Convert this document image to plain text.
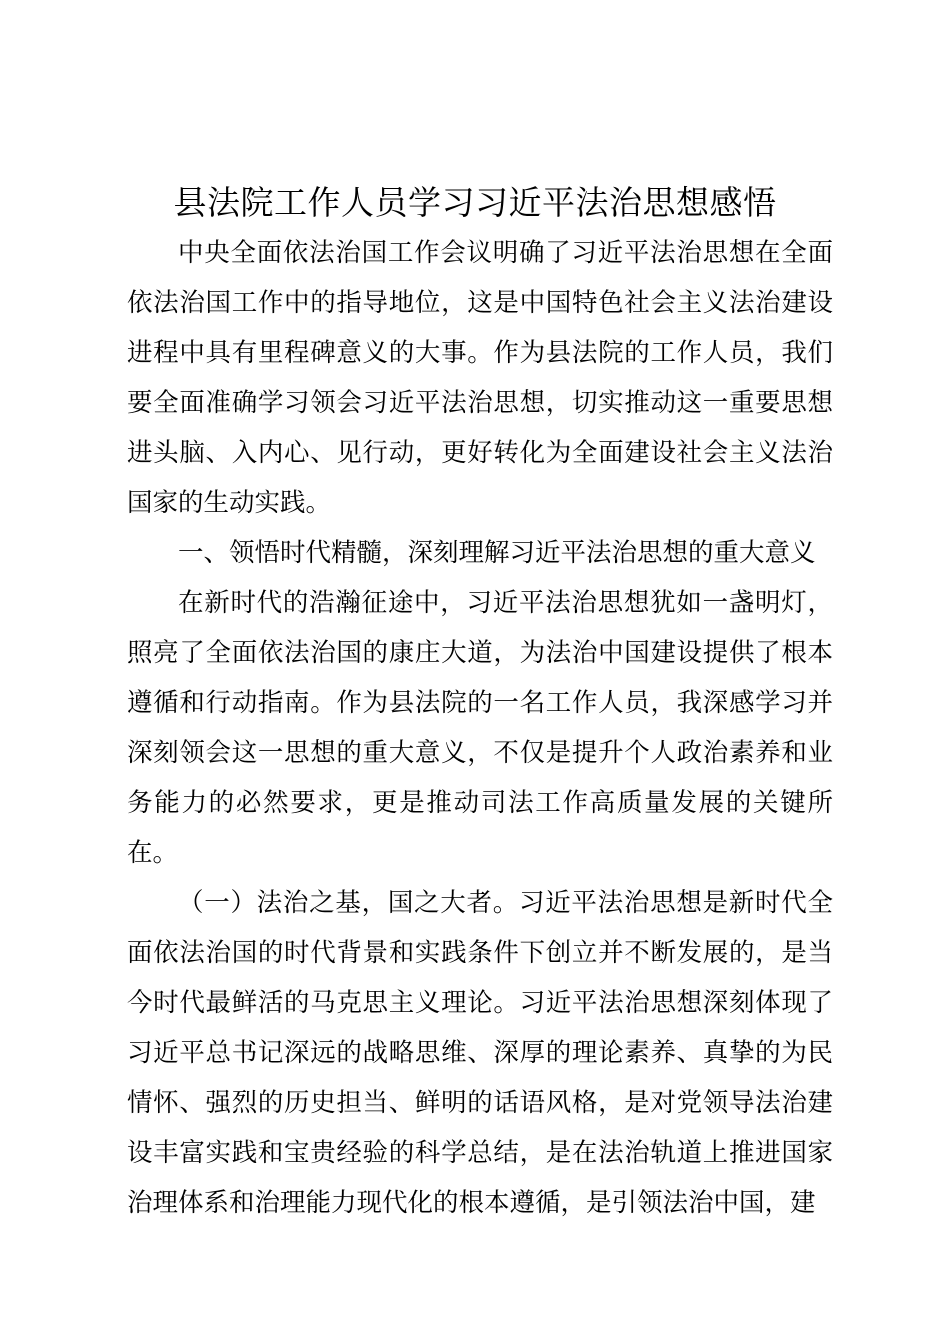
县法院工作人员学习习近平法治思想感悟

中央全面依法治国工作会议明确了习近平法治思想在全面依法治国工作中的指导地位，这是中国特色社会主义法治建设进程中具有里程碑意义的大事。作为县法院的工作人员，我们要全面准确学习领会习近平法治思想，切实推动这一重要思想进头脑、入内心、见行动，更好转化为全面建设社会主义法治国家的生动实践。

一、领悟时代精髓，深刻理解习近平法治思想的重大意义

在新时代的浩瀚征途中，习近平法治思想犹如一盏明灯，照亮了全面依法治国的康庄大道，为法治中国建设提供了根本遵循和行动指南。作为县法院的一名工作人员，我深感学习并深刻领会这一思想的重大意义，不仅是提升个人政治素养和业务能力的必然要求，更是推动司法工作高质量发展的关键所在。

（一）法治之基，国之大者。习近平法治思想是新时代全面依法治国的时代背景和实践条件下创立并不断发展的，是当今时代最鲜活的马克思主义理论。习近平法治思想深刻体现了习近平总书记深远的战略思维、深厚的理论素养、真挚的为民情怀、强烈的历史担当、鲜明的话语风格，是对党领导法治建设丰富实践和宝贵经验的科学总结，是在法治轨道上推进国家治理体系和治理能力现代化的根本遵循，是引领法治中国，建
